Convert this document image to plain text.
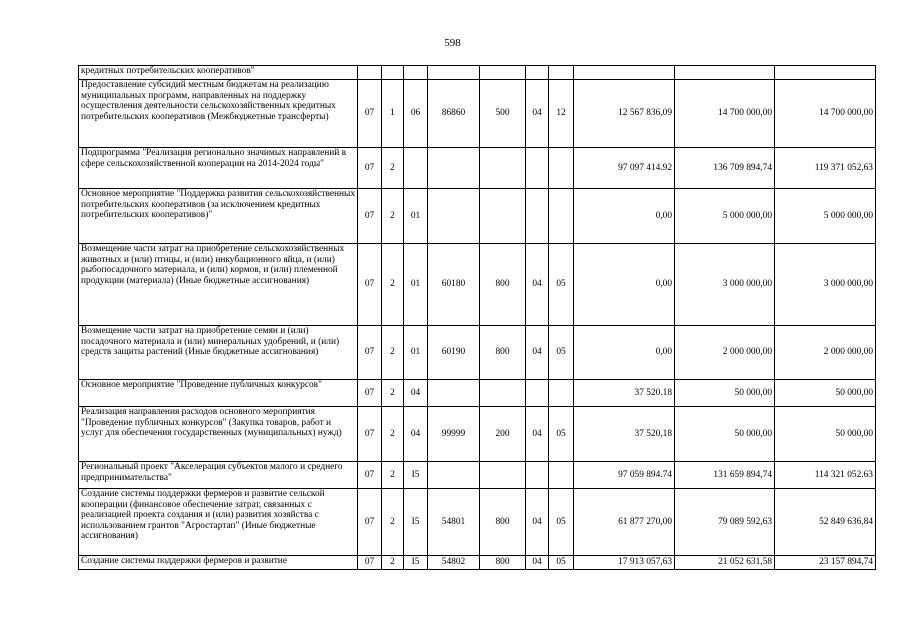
598
кредитных потребительских кооперативов"										
Предоставление субсидий местным бюджетам на реализацию муниципальных программ, направленных на поддержку осуществления деятельности сельскохозяйственных кредитных потребительских кооперативов (Межбюджетные трансферты)	07	1	06	86860	500	04	12	12 567 836,09	14 700 000,00	14 700 000,00
Подпрограмма "Реализация регионально значимых направлений в сфере сельскохозяйственной кооперации на 2014-2024 годы"	07	2						97 097 414.92	136 709 894,74	119 371 052,63
Основное мероприятие "Поддержка развития сельскохозяйственных потребительских кооперативов (за исключением кредитных потребительских кооперативов)"	07	2	01					0,00	5 000 000,00	5 000 000,00
Возмещение части затрат на приобретение сельскохозяйственных животных и (или) птицы, и (или) инкубационного яйца, и (или) рыбопосадочного материала, и (или) кормов, и (или) племенной продукции (материала) (Иные бюджетные ассигнования)	07	2	01	60180	800	04	05	0,00	3 000 000,00	3 000 000,00
Возмещение части затрат на приобретение семян и (или) посадочного материала и (или) минеральных удобрений, и (или) средств защиты растений (Иные бюджетные ассигнования)	07	2	01	60190	800	04	05	0,00	2 000 000,00	2 000 000,00
Основное мероприятие "Проведение публичных конкурсов"	07	2	04					37 520.18	50 000,00	50 000,00
Реализация направления расходов основного мероприятия "Проведение публичных конкурсов" (Закупка товаров, работ и услуг для обеспечения государственных (муниципальных) нужд)	07	2	04	99999	200	04	05	37 520,18	50 000,00	50 000,00
Региональный проект "Акселерация субъектов малого и среднего предпринимательства"	07	2	I5					97 059 894.74	131 659 894,74	114 321 052.63
Создание системы поддержки фермеров и развитие сельской кооперации (финансовое обеспечение затрат, связанных с реализацией проекта создания и (или) развития хозяйства с использованием грантов "Агростартап" (Иные бюджетные ассигнования)	07	2	I5	54801	800	04	05	61 877 270,00	79 089 592,63	52 849 636,84
Создание системы поддержки фермеров и развитие	07	2	I5	54802	800	04	05	17 913 057,63	21 052 631,58	23 157 894,74
